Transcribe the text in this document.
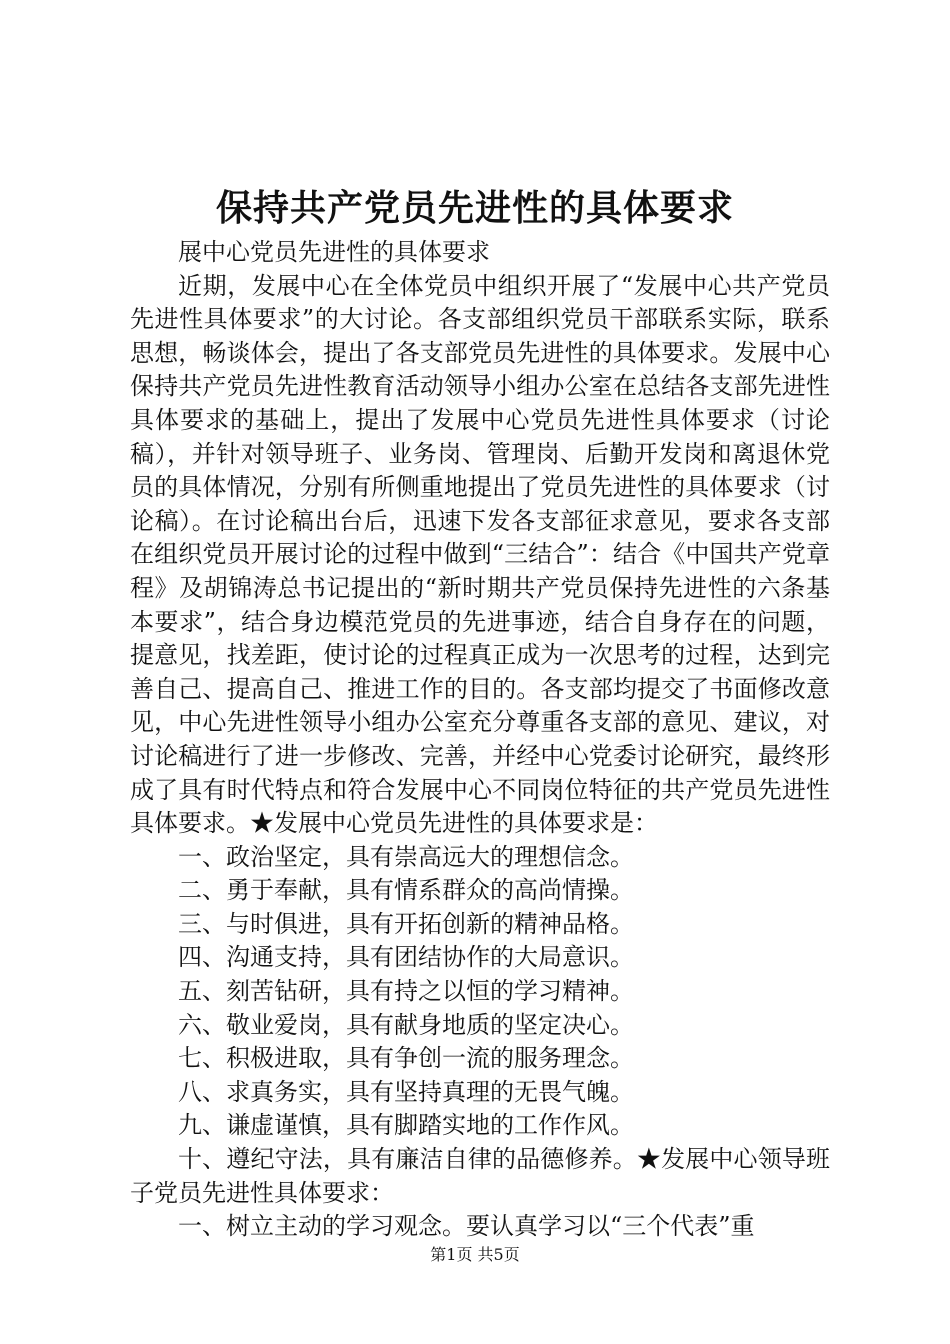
保持共产党员先进性的具体要求

展中心党员先进性的具体要求

近期，发展中心在全体党员中组织开展了“发展中心共产党员先进性具体要求”的大讨论。各支部组织党员干部联系实际，联系思想，畅谈体会，提出了各支部党员先进性的具体要求。发展中心保持共产党员先进性教育活动领导小组办公室在总结各支部先进性具体要求的基础上，提出了发展中心党员先进性具体要求（讨论稿），并针对领导班子、业务岗、管理岗、后勤开发岗和离退休党员的具体情况，分别有所侧重地提出了党员先进性的具体要求（讨论稿）。在讨论稿出台后，迅速下发各支部征求意见，要求各支部在组织党员开展讨论的过程中做到“三结合”：结合《中国共产党章程》及胡锦涛总书记提出的“新时期共产党员保持先进性的六条基本要求”，结合身边模范党员的先进事迹，结合自身存在的问题，提意见，找差距，使讨论的过程真正成为一次思考的过程，达到完善自己、提高自己、推进工作的目的。各支部均提交了书面修改意见，中心先进性领导小组办公室充分尊重各支部的意见、建议，对讨论稿进行了进一步修改、完善，并经中心党委讨论研究，最终形成了具有时代特点和符合发展中心不同岗位特征的共产党员先进性具体要求。★发展中心党员先进性的具体要求是：

一、政治坚定，具有崇高远大的理想信念。

二、勇于奉献，具有情系群众的高尚情操。

三、与时俱进，具有开拓创新的精神品格。

四、沟通支持，具有团结协作的大局意识。

五、刻苦钻研，具有持之以恒的学习精神。

六、敬业爱岗，具有献身地质的坚定决心。

七、积极进取，具有争创一流的服务理念。

八、求真务实，具有坚持真理的无畏气魄。

九、谦虚谨慎，具有脚踏实地的工作作风。

十、遵纪守法，具有廉洁自律的品德修养。★发展中心领导班子党员先进性具体要求：

一、树立主动的学习观念。要认真学习以“三个代表”重

第1页 共5页
